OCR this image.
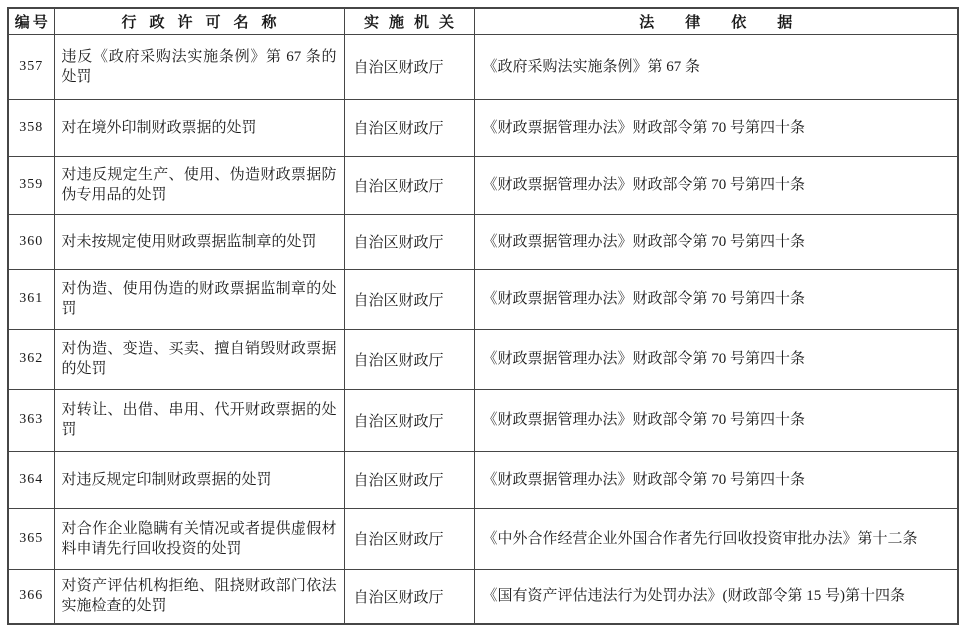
编号	行政许可名称	实施机关	法律依据
357	违反《政府采购法实施条例》第 67 条的处罚	自治区财政厅	《政府采购法实施条例》第 67 条
358	对在境外印制财政票据的处罚	自治区财政厅	《财政票据管理办法》财政部令第 70 号第四十条
359	对违反规定生产、使用、伪造财政票据防伪专用品的处罚	自治区财政厅	《财政票据管理办法》财政部令第 70 号第四十条
360	对未按规定使用财政票据监制章的处罚	自治区财政厅	《财政票据管理办法》财政部令第 70 号第四十条
361	对伪造、使用伪造的财政票据监制章的处罚	自治区财政厅	《财政票据管理办法》财政部令第 70 号第四十条
362	对伪造、变造、买卖、擅自销毁财政票据的处罚	自治区财政厅	《财政票据管理办法》财政部令第 70 号第四十条
363	对转让、出借、串用、代开财政票据的处罚	自治区财政厅	《财政票据管理办法》财政部令第 70 号第四十条
364	对违反规定印制财政票据的处罚	自治区财政厅	《财政票据管理办法》财政部令第 70 号第四十条
365	对合作企业隐瞒有关情况或者提供虚假材料申请先行回收投资的处罚	自治区财政厅	《中外合作经营企业外国合作者先行回收投资审批办法》第十二条
366	对资产评估机构拒绝、阻挠财政部门依法实施检查的处罚	自治区财政厅	《国有资产评估违法行为处罚办法》(财政部令第 15 号)第十四条
